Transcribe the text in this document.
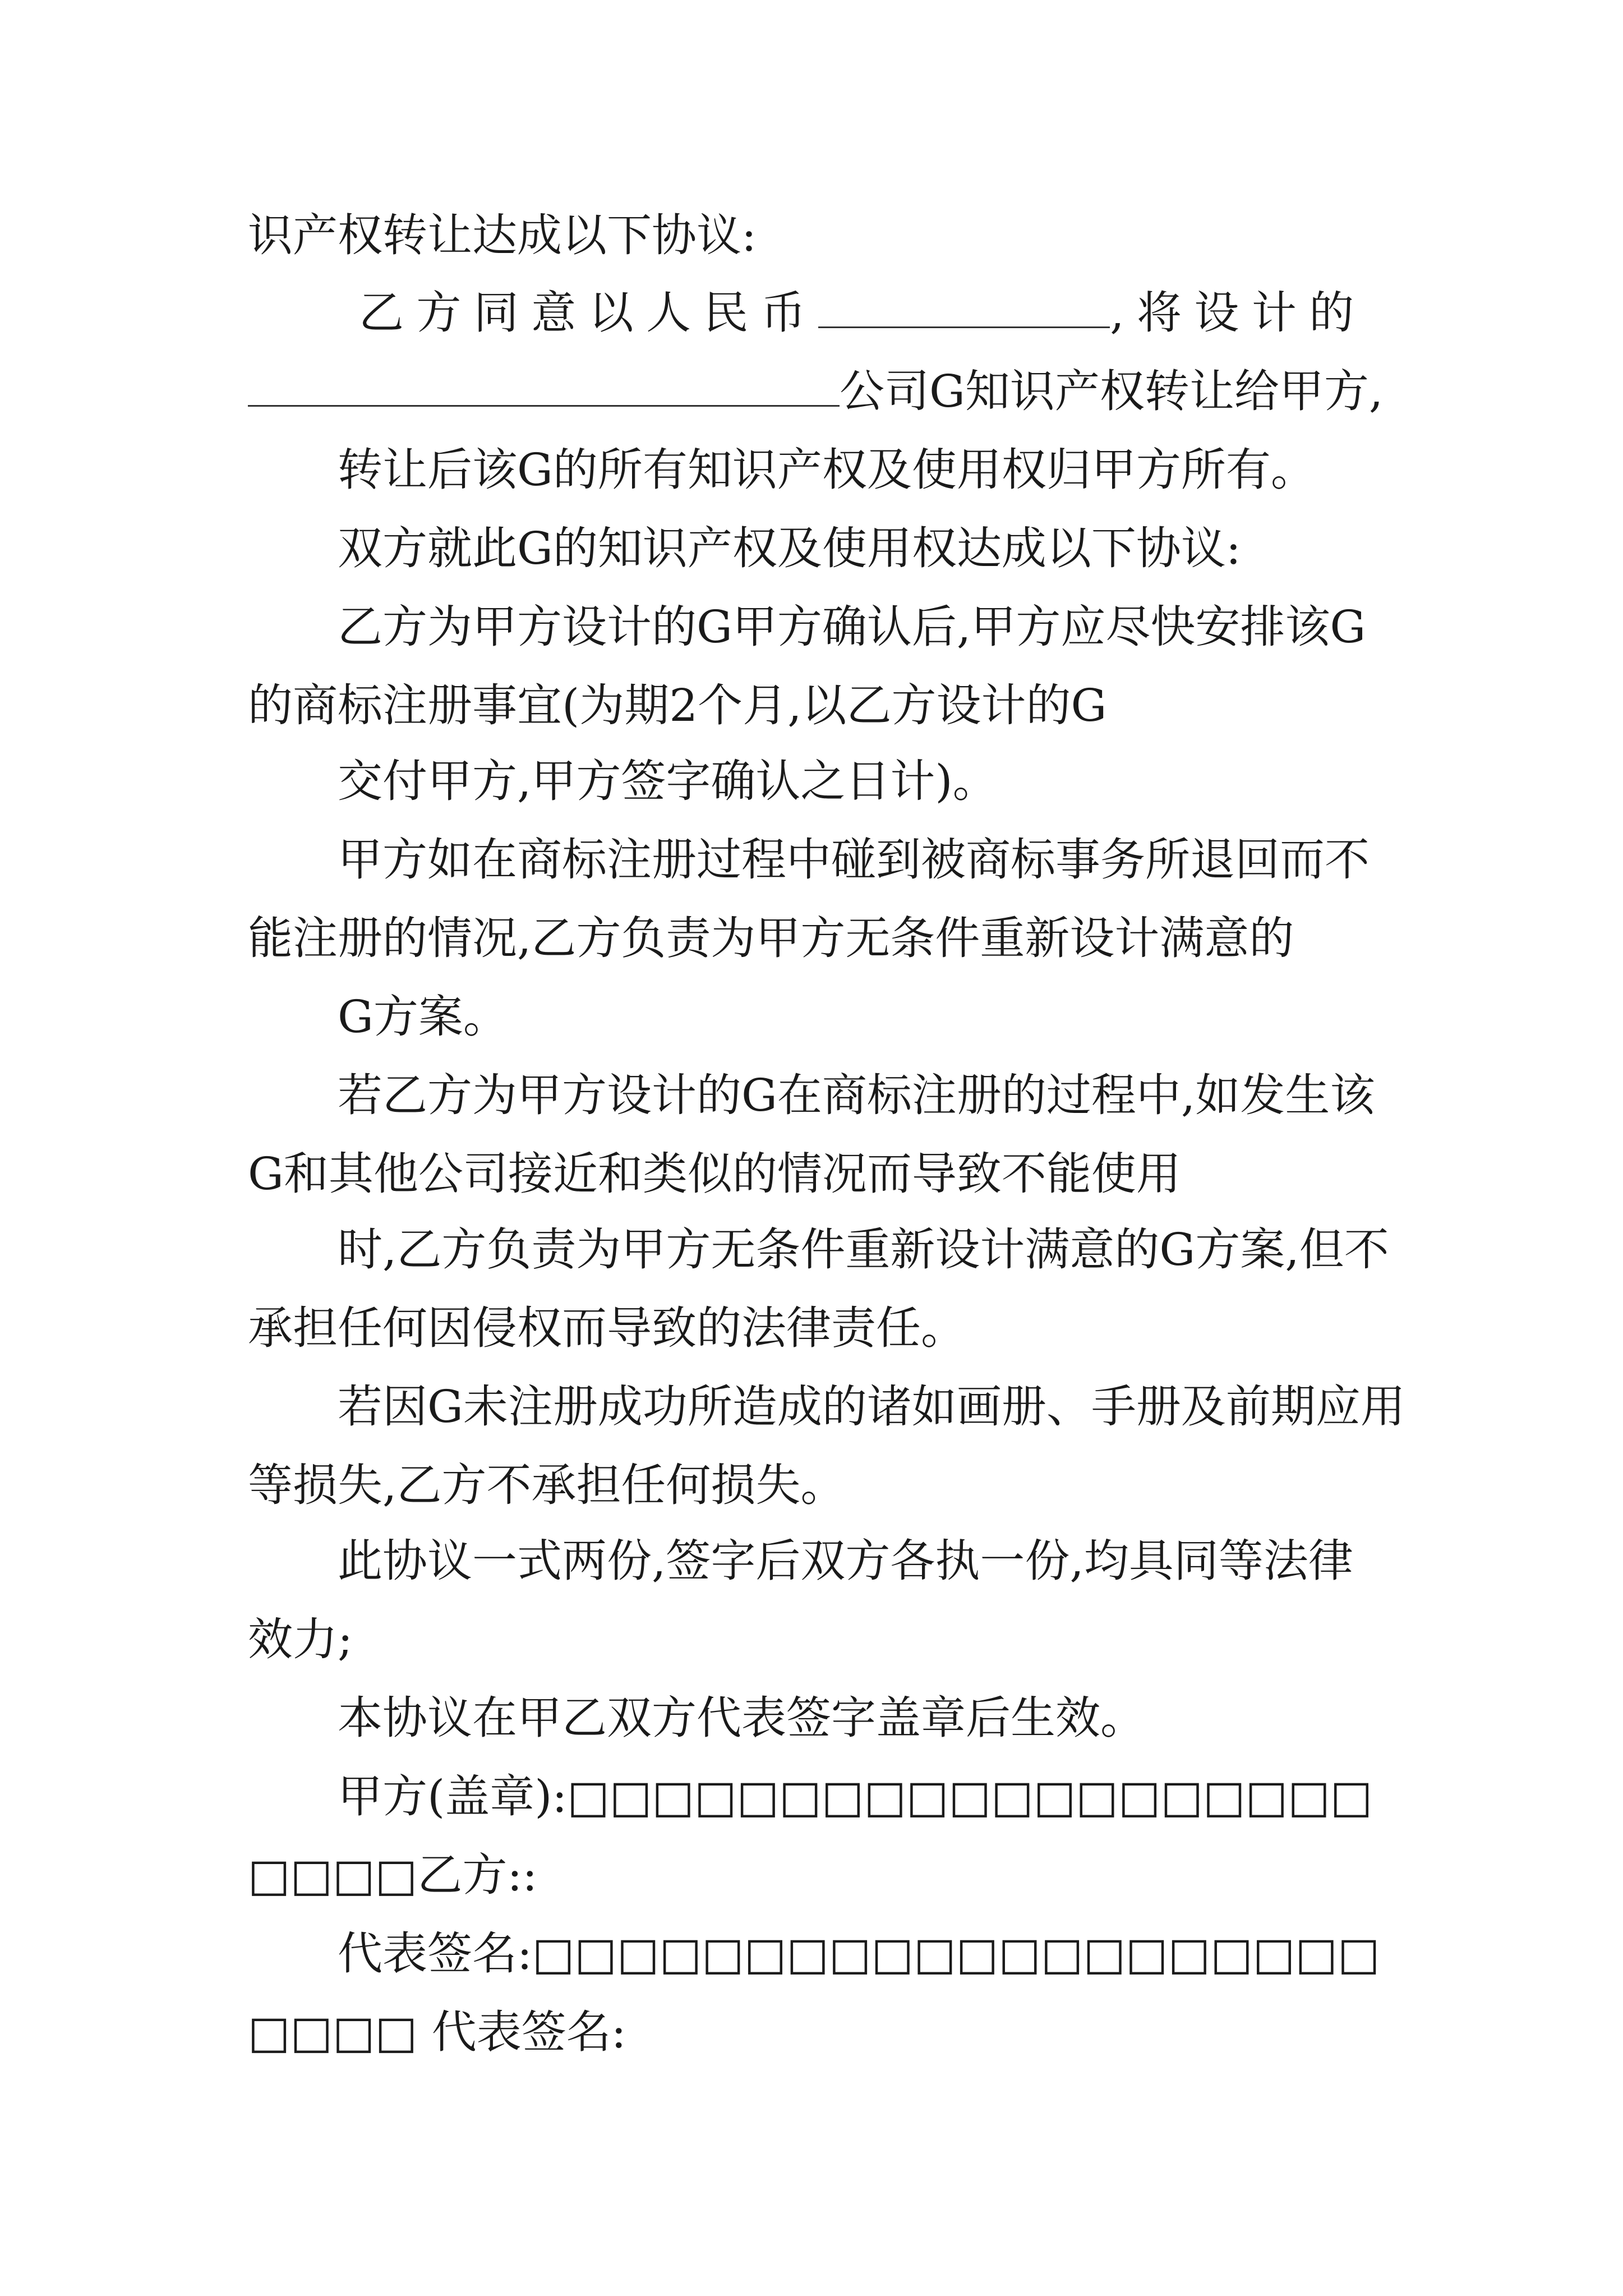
识产权转让达成以下协议:
乙方同意以人民币	,将设计的
公司G知识产权转让给甲方,
转让后该G的所有知识产权及使用权归甲方所有。
双方就此G的知识产权及使用权达成以下协议:
乙方为甲方设计的G甲方确认后,甲方应尽快安排该G
的商标注册事宜(为期2个月,以乙方设计的G
交付甲方,甲方签字确认之日计)。
甲方如在商标注册过程中碰到被商标事务所退回而不
能注册的情况,乙方负责为甲方无条件重新设计满意的
G方案。
若乙方为甲方设计的G在商标注册的过程中,如发生该
G和其他公司接近和类似的情况而导致不能使用
时,乙方负责为甲方无条件重新设计满意的G方案,但不
承担任何因侵权而导致的法律责任。
若因G未注册成功所造成的诸如画册、手册及前期应用
等损失,乙方不承担任何损失。
此协议一式两份,签字后双方各执一份,均具同等法律
效力;
本协议在甲乙双方代表签字盖章后生效。
甲方(盖章):□□□□□□□□□□□□□□□□□□□
□□□□乙方::
代表签名:□□□□□□□□□□□□□□□□□□□□
□□□□ 代表签名:
